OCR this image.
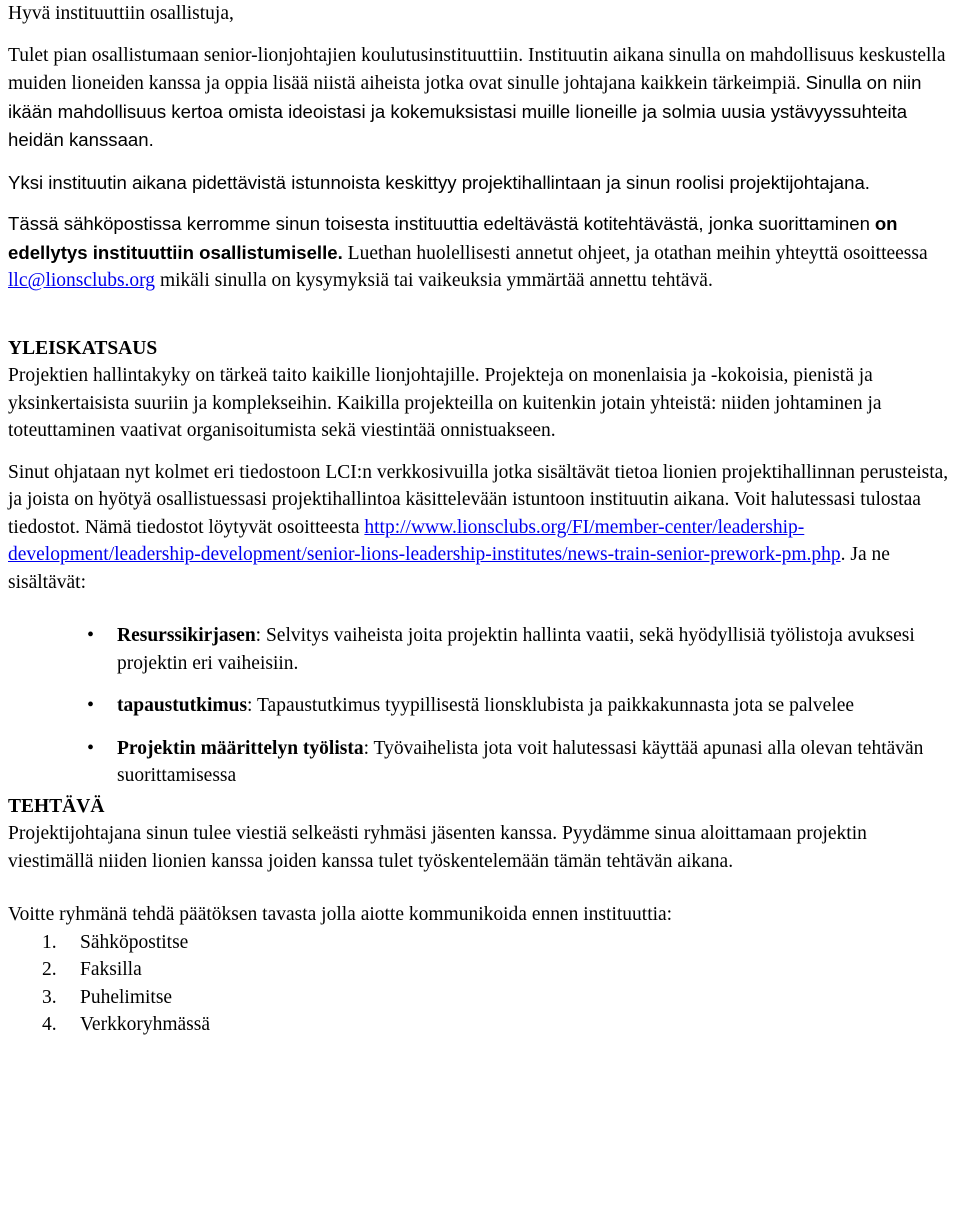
Hyvä instituuttiin osallistuja,

Tulet pian osallistumaan senior-lionjohtajien koulutusinstituuttiin. Instituutin aikana sinulla on mahdollisuus keskustella muiden lioneiden kanssa ja oppia lisää niistä aiheista jotka ovat sinulle johtajana kaikkein tärkeimpiä. Sinulla on niin ikään mahdollisuus kertoa omista ideoistasi ja kokemuksistasi muille lioneille ja solmia uusia ystävyyssuhteita heidän kanssaan.

Yksi instituutin aikana pidettävistä istunnoista keskittyy projektihallintaan ja sinun roolisi projektijohtajana.

Tässä sähköpostissa kerromme sinun toisesta instituuttia edeltävästä kotitehtävästä, jonka suorittaminen on edellytys instituuttiin osallistumiselle. Luethan huolellisesti annetut ohjeet, ja otathan meihin yhteyttä osoitteessa llc@lionsclubs.org mikäli sinulla on kysymyksiä tai vaikeuksia ymmärtää annettu tehtävä.

YLEISKATSAUS

Projektien hallintakyky on tärkeä taito kaikille lionjohtajille. Projekteja on monenlaisia ja -kokoisia, pienistä ja yksinkertaisista suuriin ja komplekseihin. Kaikilla projekteilla on kuitenkin jotain yhteistä: niiden johtaminen ja toteuttaminen vaativat organisoitumista sekä viestintää onnistuakseen.

Sinut ohjataan nyt kolmet eri tiedostoon LCI:n verkkosivuilla jotka sisältävät tietoa lionien projektihallinnan perusteista, ja joista on hyötyä osallistuessasi projektihallintoa käsittelevään istuntoon instituutin aikana. Voit halutessasi tulostaa tiedostot. Nämä tiedostot löytyvät osoitteesta http://www.lionsclubs.org/FI/member-center/leadership-development/leadership-development/senior-lions-leadership-institutes/news-train-senior-prework-pm.php. Ja ne sisältävät:

• Resurssikirjasen: Selvitys vaiheista joita projektin hallinta vaatii, sekä hyödyllisiä työlistoja avuksesi projektin eri vaiheisiin.
• tapaustutkimus: Tapaustutkimus tyypillisestä lionsklubista ja paikkakunnasta jota se palvelee
• Projektin määrittelyn työlista: Työvaihelista jota voit halutessasi käyttää apunasi alla olevan tehtävän suorittamisessa

TEHTÄVÄ

Projektijohtajana sinun tulee viestiä selkeästi ryhmäsi jäsenten kanssa. Pyydämme sinua aloittamaan projektin viestimällä niiden lionien kanssa joiden kanssa tulet työskentelemään tämän tehtävän aikana.

Voitte ryhmänä tehdä päätöksen tavasta jolla aiotte kommunikoida ennen instituuttia:

1. Sähköpostitse
2. Faksilla
3. Puhelimitse
4. Verkkoryhmässä
